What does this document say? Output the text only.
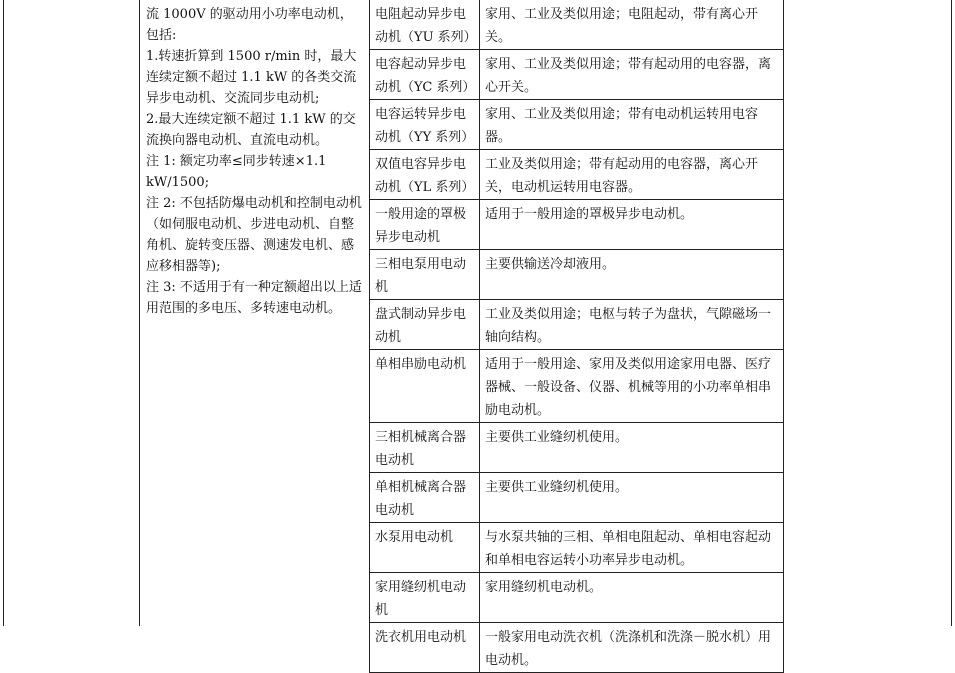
流 1000V 的驱动用小功率电动机，包括:
1.转速折算到 1500 r/min 时，最大连续定额不超过 1.1 kW 的各类交流异步电动机、交流同步电动机;
2.最大连续定额不超过 1.1 kW 的交流换向器电动机、直流电动机。
注 1: 额定功率≤同步转速×1.1 kW/1500;
注 2: 不包括防爆电动机和控制电动机（如伺服电动机、步进电动机、自整角机、旋转变压器、测速发电机、感应移相器等);
注 3: 不适用于有一种定额超出以上适用范围的多电压、多转速电动机。
电阻起动异步电动机（YU 系列）	家用、工业及类似用途；电阻起动，带有离心开关。
电容起动异步电动机（YC 系列）	家用、工业及类似用途；带有起动用的电容器，离心开关。
电容运转异步电动机（YY 系列）	家用、工业及类似用途；带有电动机运转用电容器。
双值电容异步电动机（YL 系列）	工业及类似用途；带有起动用的电容器，离心开关，电动机运转用电容器。
一般用途的罩极异步电动机	适用于一般用途的罩极异步电动机。
三相电泵用电动机	主要供输送冷却液用。
盘式制动异步电动机	工业及类似用途；电枢与转子为盘状，气隙磁场一轴向结构。
单相串励电动机	适用于一般用途、家用及类似用途家用电器、医疗器械、一般设备、仪器、机械等用的小功率单相串励电动机。
三相机械离合器电动机	主要供工业缝纫机使用。
单相机械离合器电动机	主要供工业缝纫机使用。
水泵用电动机	与水泵共轴的三相、单相电阻起动、单相电容起动和单相电容运转小功率异步电动机。
家用缝纫机电动机	家用缝纫机电动机。
洗衣机用电动机	一般家用电动洗衣机（洗涤机和洗涤－脱水机）用电动机。
